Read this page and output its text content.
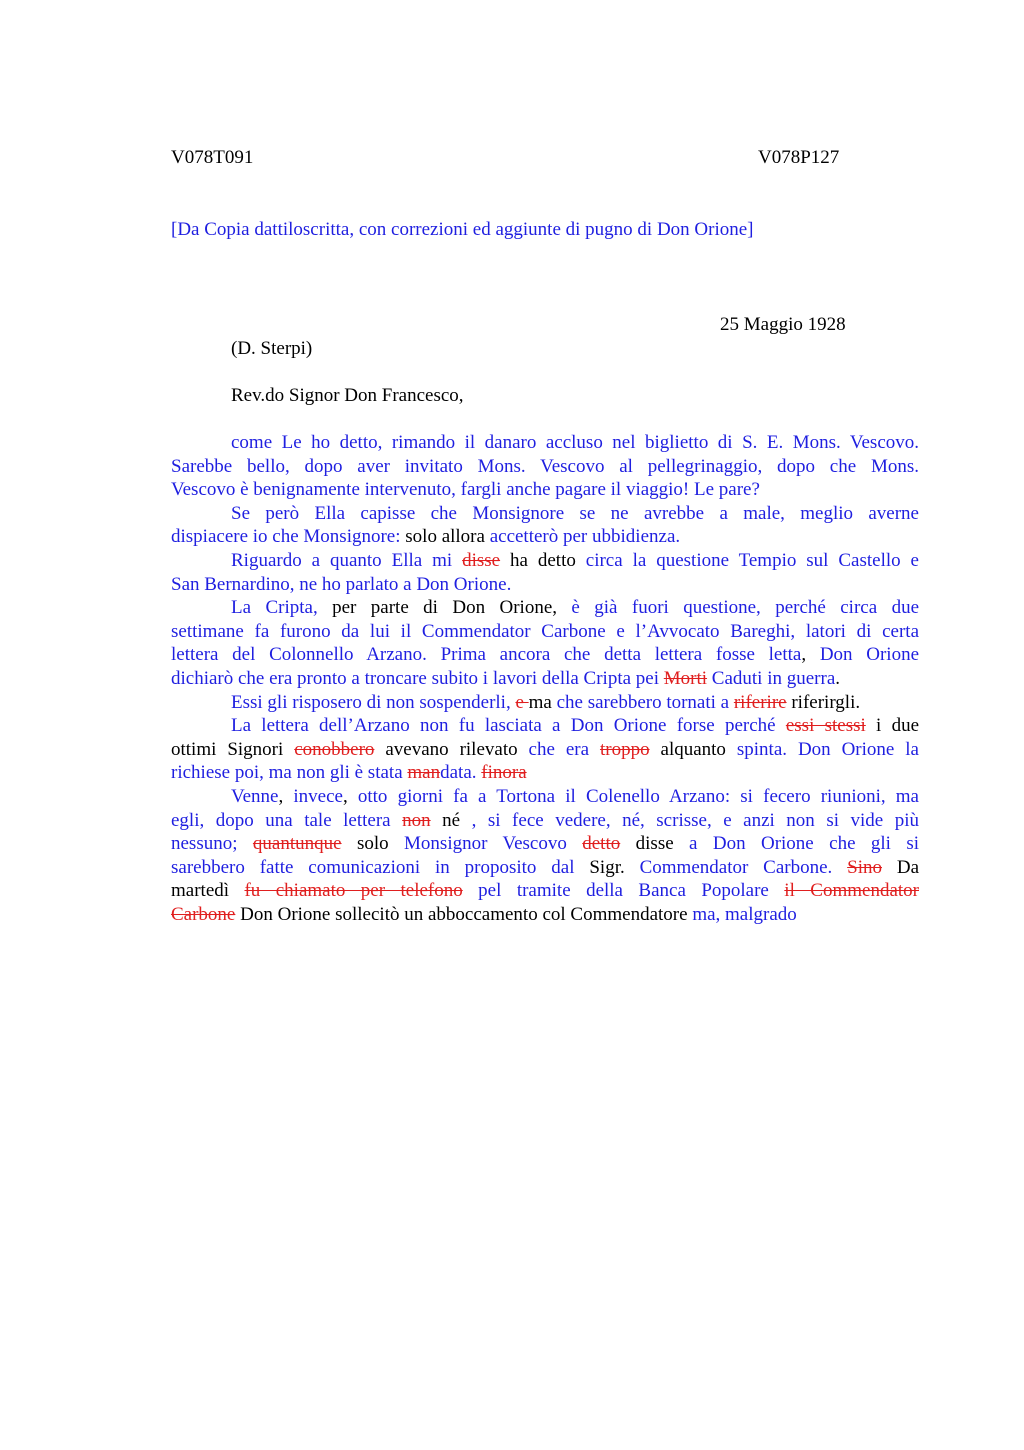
V078T091	V078P127
[Da Copia dattiloscritta, con correzioni ed aggiunte di pugno di Don Orione]
25 Maggio 1928
(D. Sterpi)
Rev.do Signor Don Francesco,
come Le ho detto, rimando il danaro accluso nel biglietto di S. E. Mons. Vescovo.
Sarebbe bello, dopo aver invitato Mons. Vescovo al pellegrinaggio, dopo che Mons.
Vescovo è benignamente intervenuto, fargli anche pagare il viaggio! Le pare?
Se però Ella capisse che Monsignore se ne avrebbe a male, meglio averne
dispiacere io che Monsignore: solo allora accetterò per ubbidienza.
Riguardo a quanto Ella mi disse ha detto circa la questione Tempio sul Castello e
San Bernardino, ne ho parlato a Don Orione.
La Cripta, per parte di Don Orione, è già fuori questione, perché circa due
settimane fa furono da lui il Commendator Carbone e l’Avvocato Bareghi, latori di certa
lettera del Colonnello Arzano. Prima ancora che detta lettera fosse letta, Don Orione
dichiarò che era pronto a troncare subito i lavori della Cripta pei Morti Caduti in guerra.
Essi gli risposero di non sospenderli, e ma che sarebbero tornati a riferire riferirgli.
La lettera dell’Arzano non fu lasciata a Don Orione forse perché essi stessi i due
ottimi Signori conobbero avevano rilevato che era troppo alquanto spinta. Don Orione la
richiese poi, ma non gli è stata mandata. finora
Venne, invece, otto giorni fa a Tortona il Colenello Arzano: si fecero riunioni, ma
egli, dopo una tale lettera non né , si fece vedere, né, scrisse, e anzi non si vide più
nessuno; quantunque solo Monsignor Vescovo detto disse a Don Orione che gli si
sarebbero fatte comunicazioni in proposito dal Sigr. Commendator Carbone. Sino Da
martedì fu chiamato per telefono pel tramite della Banca Popolare il Commendator
Carbone Don Orione sollecitò un abboccamento col Commendatore ma, malgrado
